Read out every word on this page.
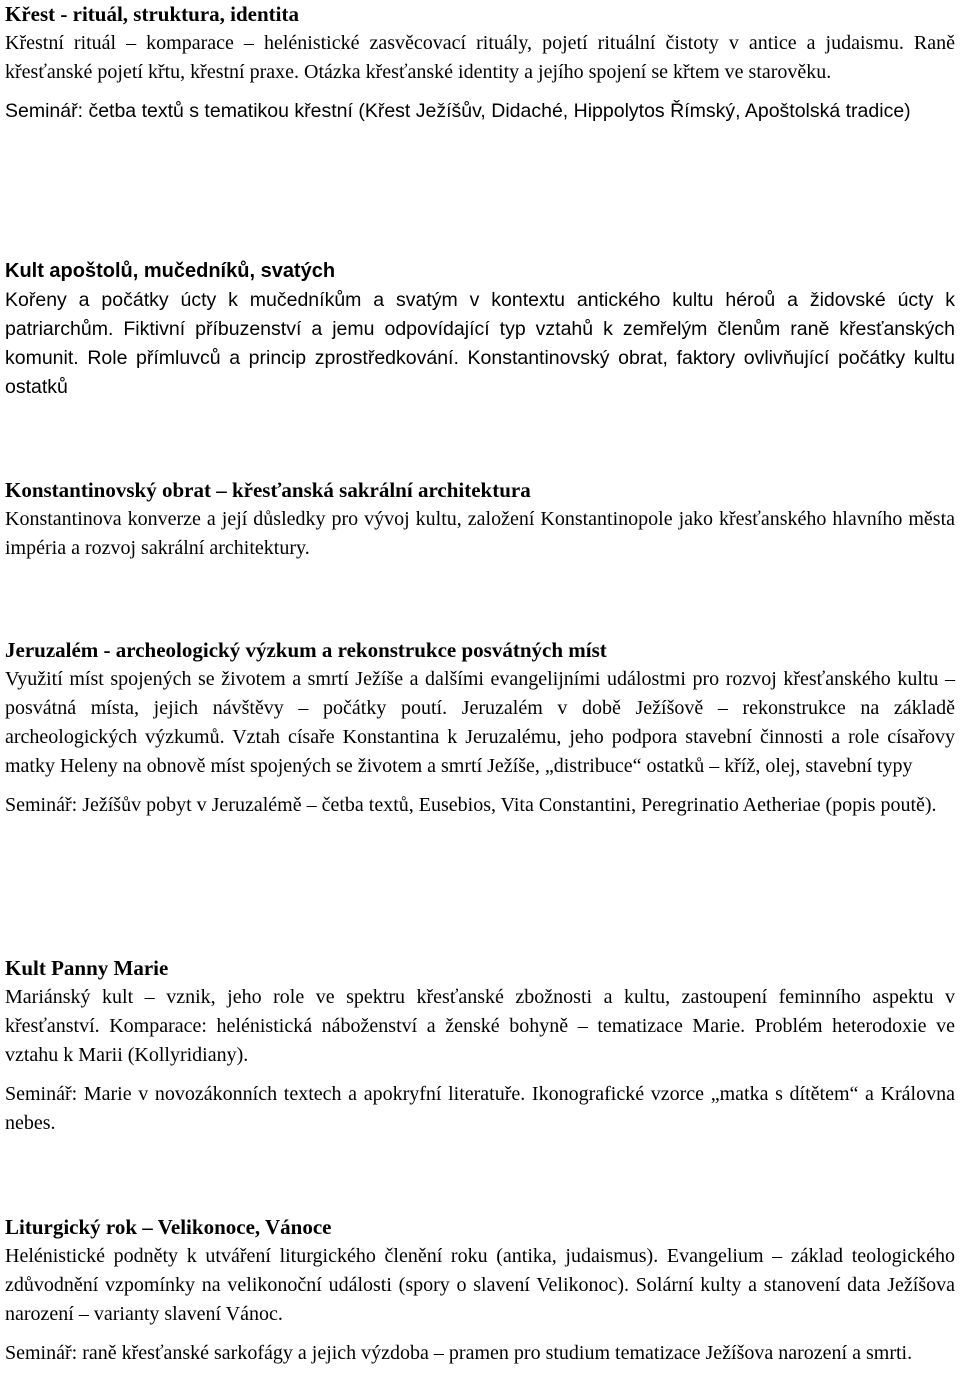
Křest - rituál, struktura, identita

Křestní rituál – komparace – helénistické zasvěcovací rituály, pojetí rituální čistoty v antice a judaismu. Raně křesťanské pojetí křtu, křestní praxe. Otázka křesťanské identity a jejího spojení se křtem ve starověku.

Seminář: četba textů s tematikou křestní (Křest Ježíšův, Didaché, Hippolytos Římský, Apoštolská tradice)

Kult apoštolů, mučedníků, svatých

Kořeny a počátky úcty k mučedníkům a svatým v kontextu antického kultu héroů a židovské úcty k patriarchům. Fiktivní příbuzenství a jemu odpovídající typ vztahů k zemřelým členům raně křesťanských komunit. Role přímluvců a princip zprostředkování. Konstantinovský obrat, faktory ovlivňující počátky kultu ostatků

Konstantinovský obrat – křesťanská sakrální architektura

Konstantinova konverze a její důsledky pro vývoj kultu, založení Konstantinopole jako křesťanského hlavního města impéria a rozvoj sakrální architektury.

Jeruzalém - archeologický výzkum a rekonstrukce posvátných míst

Využití míst spojených se životem a smrtí Ježíše a dalšími evangelijními událostmi pro rozvoj křesťanského kultu – posvátná místa, jejich návštěvy – počátky poutí. Jeruzalém v době Ježíšově – rekonstrukce na základě archeologických výzkumů. Vztah císaře Konstantina k Jeruzalému, jeho podpora stavební činnosti a role císařovy matky Heleny na obnově míst spojených se životem a smrtí Ježíše, „distribuce“ ostatků – kříž, olej, stavební typy

Seminář: Ježíšův pobyt v Jeruzalémě – četba textů, Eusebios, Vita Constantini, Peregrinatio Aetheriae (popis poutě).

Kult Panny Marie

Mariánský kult – vznik, jeho role ve spektru křesťanské zbožnosti a kultu, zastoupení feminního aspektu v křesťanství. Komparace: helénistická náboženství a ženské bohyně – tematizace Marie. Problém heterodoxie ve vztahu k Marii (Kollyridiany).

Seminář: Marie v novozákonních textech a apokryfní literatuře. Ikonografické vzorce „matka s dítětem“ a Královna nebes.

Liturgický rok – Velikonoce, Vánoce

Helénistické podněty k utváření liturgického členění roku (antika, judaismus). Evangelium – základ teologického zdůvodnění vzpomínky na velikonoční události (spory o slavení Velikonoc). Solární kulty a stanovení data Ježíšova narození – varianty slavení Vánoc.

Seminář: raně křesťanské sarkofágy a jejich výzdoba – pramen pro studium tematizace Ježíšova narození a smrti.
